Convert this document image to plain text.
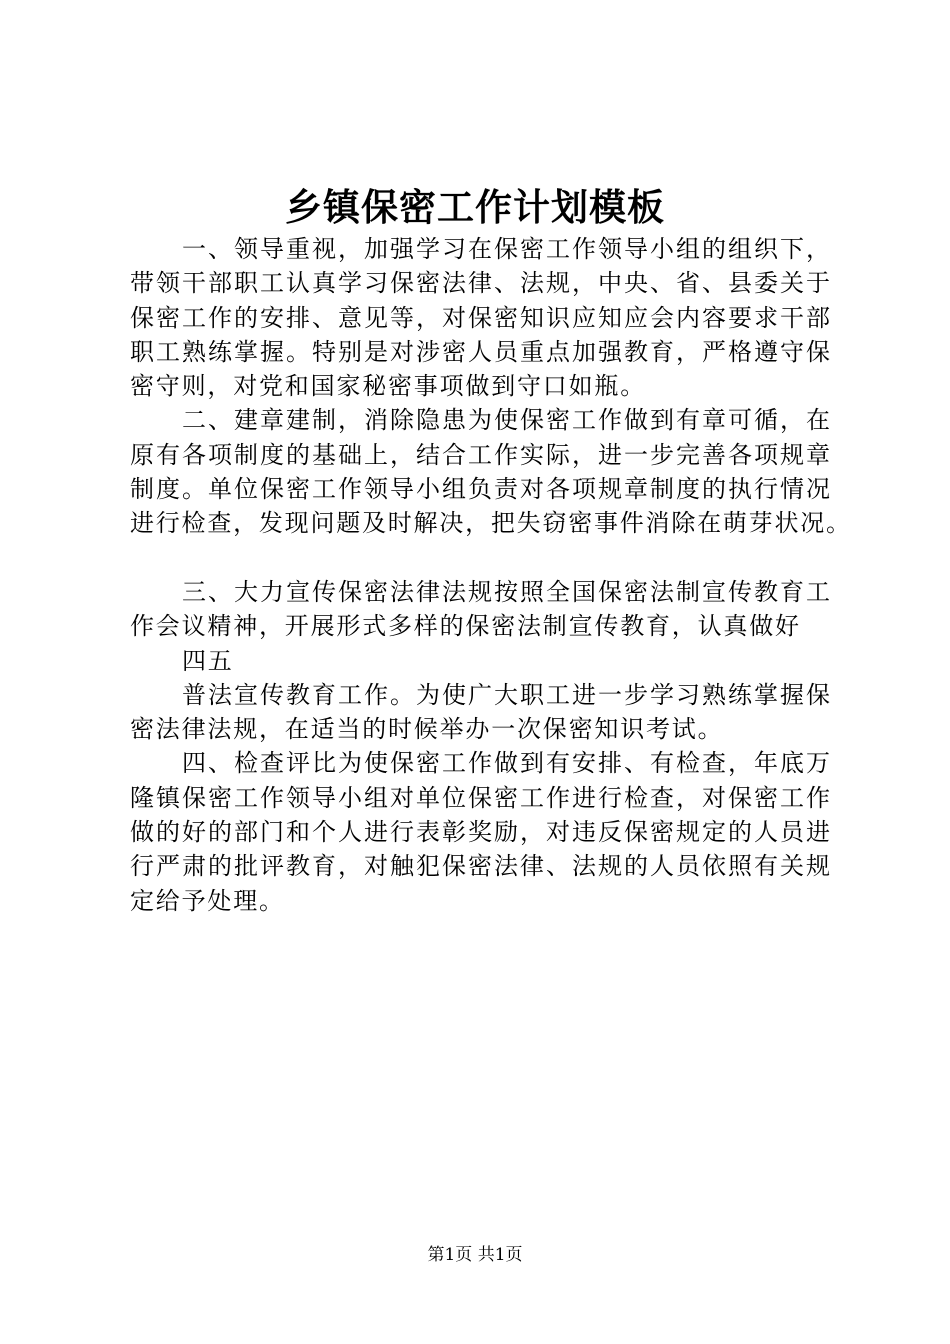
乡镇保密工作计划模板
一、领导重视，加强学习在保密工作领导小组的组织下，
带领干部职工认真学习保密法律、法规，中央、省、县委关于
保密工作的安排、意见等，对保密知识应知应会内容要求干部
职工熟练掌握。特别是对涉密人员重点加强教育，严格遵守保
密守则，对党和国家秘密事项做到守口如瓶。
二、建章建制，消除隐患为使保密工作做到有章可循，在
原有各项制度的基础上，结合工作实际，进一步完善各项规章
制度。单位保密工作领导小组负责对各项规章制度的执行情况
进行检查，发现问题及时解决，把失窃密事件消除在萌芽状况。
三、大力宣传保密法律法规按照全国保密法制宣传教育工
作会议精神，开展形式多样的保密法制宣传教育，认真做好
四五
普法宣传教育工作。为使广大职工进一步学习熟练掌握保
密法律法规，在适当的时候举办一次保密知识考试。
四、检查评比为使保密工作做到有安排、有检查，年底万
隆镇保密工作领导小组对单位保密工作进行检查，对保密工作
做的好的部门和个人进行表彰奖励，对违反保密规定的人员进
行严肃的批评教育，对触犯保密法律、法规的人员依照有关规
定给予处理。
第1页 共1页
